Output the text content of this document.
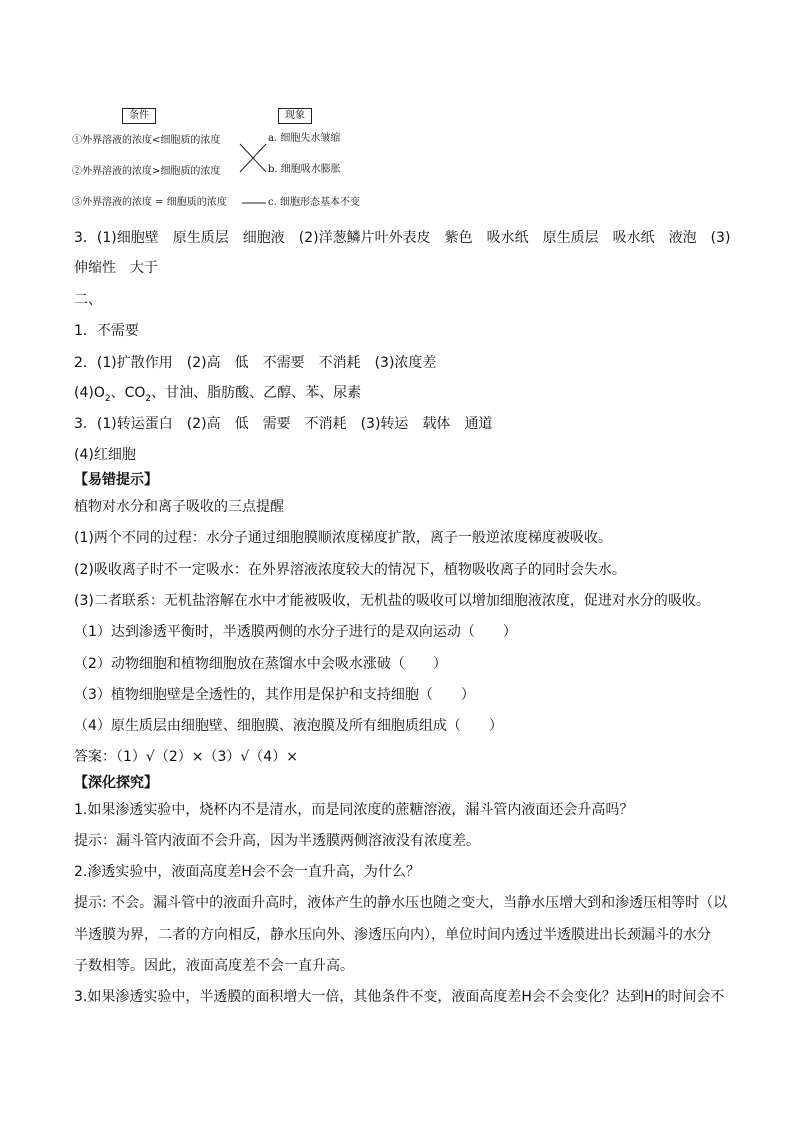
条件	现象
①外界溶液的浓度<细胞质的浓度
②外界溶液的浓度>细胞质的浓度
③外界溶液的浓度 = 细胞质的浓度
a. 细胞失水皱缩
b. 细胞吸水膨胀
c. 细胞形态基本不变
3．(1)细胞壁 原生质层 细胞液 (2)洋葱鳞片叶外表皮 紫色 吸水纸 原生质层 吸水纸 液泡 (3)
伸缩性 大于
二、
1．不需要
2．(1)扩散作用 (2)高 低 不需要 不消耗 (3)浓度差
$(4)O_2$、$CO_2$、甘油、脂肪酸、乙醇、苯、尿素
3．(1)转运蛋白 (2)高 低 需要 不消耗 (3)转运 载体 通道
(4)红细胞
【易错提示】
植物对水分和离子吸收的三点提醒
(1)两个不同的过程：水分子通过细胞膜顺浓度梯度扩散，离子一般逆浓度梯度被吸收。
(2)吸收离子时不一定吸水：在外界溶液浓度较大的情况下，植物吸收离子的同时会失水。
(3)二者联系：无机盐溶解在水中才能被吸收，无机盐的吸收可以增加细胞液浓度，促进对水分的吸收。
（1）达到渗透平衡时，半透膜两侧的水分子进行的是双向运动（　　）
（2）动物细胞和植物细胞放在蒸馏水中会吸水涨破（　　）
（3）植物细胞壁是全透性的，其作用是保护和支持细胞（　　）
（4）原生质层由细胞壁、细胞膜、液泡膜及所有细胞质组成（　　）
答案：（1）√（2）×（3）√（4）×
【深化探究】
1.如果渗透实验中，烧杯内不是清水，而是同浓度的蔗糖溶液，漏斗管内液面还会升高吗？
提示：漏斗管内液面不会升高，因为半透膜两侧溶液没有浓度差。
2.渗透实验中，液面高度差H会不会一直升高，为什么？
提示: 不会。漏斗管中的液面升高时，液体产生的静水压也随之变大，当静水压增大到和渗透压相等时（以
半透膜为界，二者的方向相反，静水压向外、渗透压向内），单位时间内透过半透膜进出长颈漏斗的水分
子数相等。因此，液面高度差不会一直升高。
3.如果渗透实验中，半透膜的面积增大一倍，其他条件不变，液面高度差H会不会变化？达到H的时间会不
